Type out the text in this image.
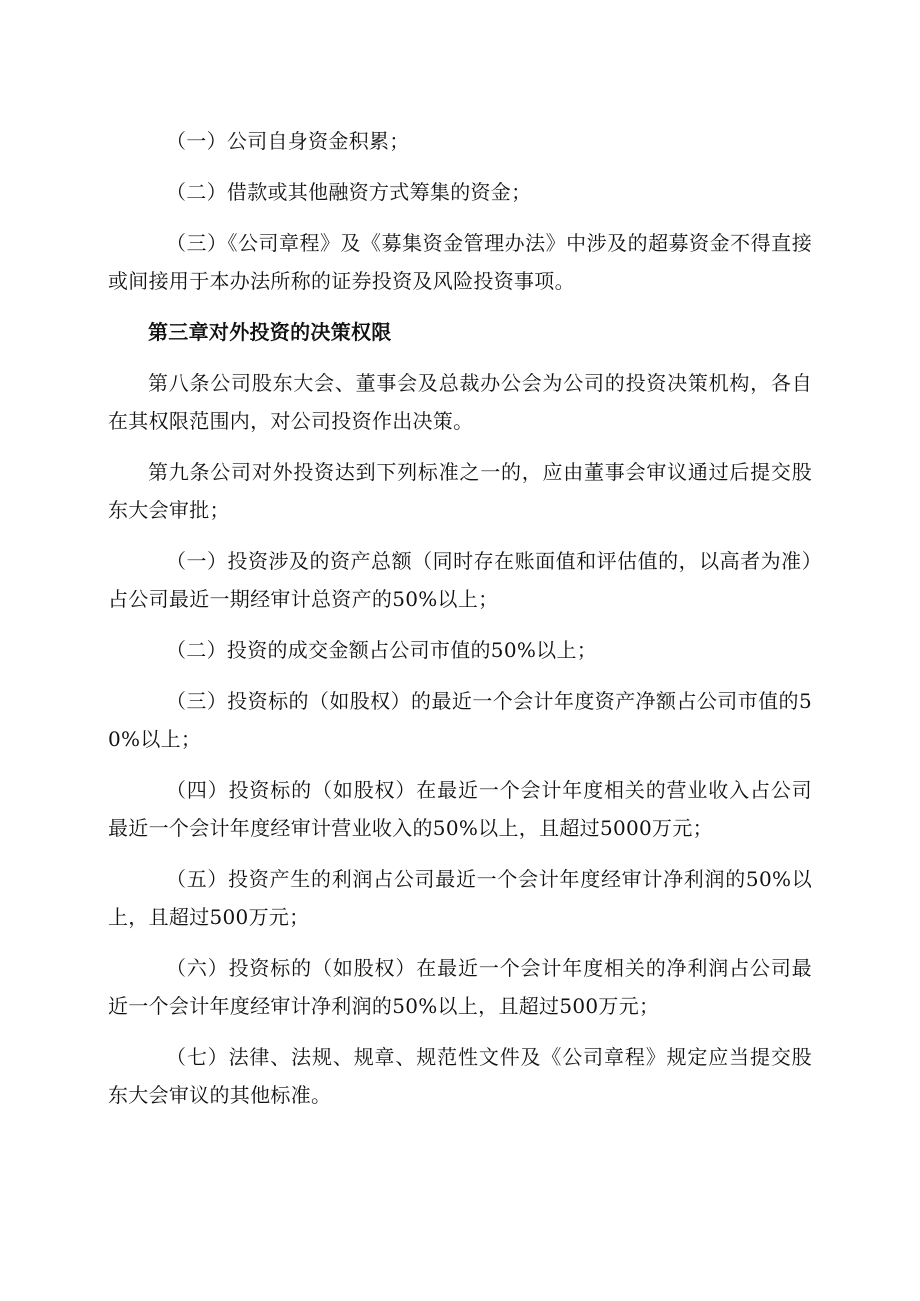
（一）公司自身资金积累；

（二）借款或其他融资方式筹集的资金；

（三）《公司章程》及《募集资金管理办法》中涉及的超募资金不得直接或间接用于本办法所称的证券投资及风险投资事项。

第三章对外投资的决策权限

第八条公司股东大会、董事会及总裁办公会为公司的投资决策机构，各自在其权限范围内，对公司投资作出决策。

第九条公司对外投资达到下列标准之一的，应由董事会审议通过后提交股东大会审批；

（一）投资涉及的资产总额（同时存在账面值和评估值的，以高者为准）占公司最近一期经审计总资产的50%以上；

（二）投资的成交金额占公司市值的50%以上；

（三）投资标的（如股权）的最近一个会计年度资产净额占公司市值的50%以上；

（四）投资标的（如股权）在最近一个会计年度相关的营业收入占公司最近一个会计年度经审计营业收入的50%以上，且超过5000万元；

（五）投资产生的利润占公司最近一个会计年度经审计净利润的50%以上，且超过500万元；

（六）投资标的（如股权）在最近一个会计年度相关的净利润占公司最近一个会计年度经审计净利润的50%以上，且超过500万元；

（七）法律、法规、规章、规范性文件及《公司章程》规定应当提交股东大会审议的其他标准。
